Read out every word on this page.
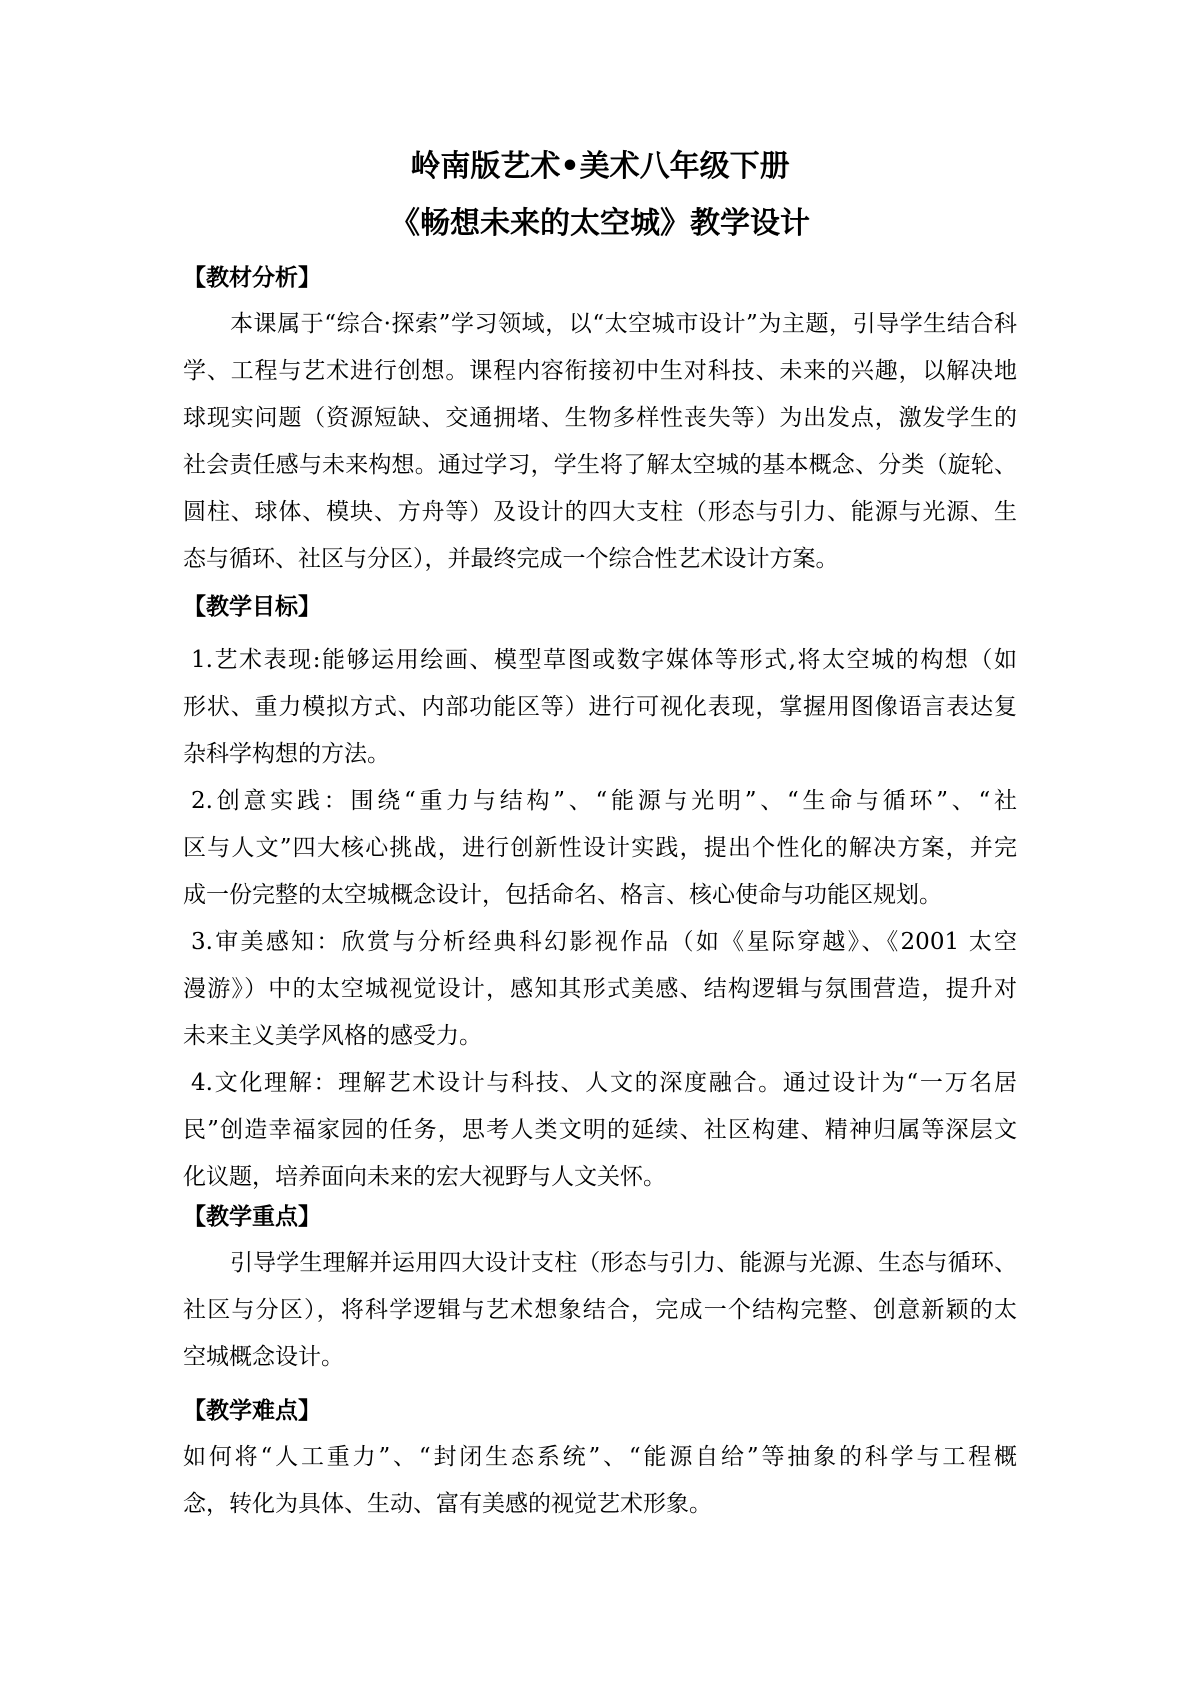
岭南版艺术•美术八年级下册
《畅想未来的太空城》教学设计
【教材分析】
本课属于“综合·探索”学习领域，以“太空城市设计”为主题，引导学生结合科
学、工程与艺术进行创想。课程内容衔接初中生对科技、未来的兴趣，以解决地
球现实问题（资源短缺、交通拥堵、生物多样性丧失等）为出发点，激发学生的
社会责任感与未来构想。通过学习，学生将了解太空城的基本概念、分类（旋轮、
圆柱、球体、模块、方舟等）及设计的四大支柱（形态与引力、能源与光源、生
态与循环、社区与分区），并最终完成一个综合性艺术设计方案。
【教学目标】
1.艺术表现:能够运用绘画、模型草图或数字媒体等形式,将太空城的构想（如
形状、重力模拟方式、内部功能区等）进行可视化表现，掌握用图像语言表达复
杂科学构想的方法。
2.创意实践：围绕“重力与结构”、“能源与光明”、“生命与循环”、“社
区与人文”四大核心挑战，进行创新性设计实践，提出个性化的解决方案，并完
成一份完整的太空城概念设计，包括命名、格言、核心使命与功能区规划。
3.审美感知：欣赏与分析经典科幻影视作品（如《星际穿越》、《2001 太空
漫游》）中的太空城视觉设计，感知其形式美感、结构逻辑与氛围营造，提升对
未来主义美学风格的感受力。
4.文化理解：理解艺术设计与科技、人文的深度融合。通过设计为“一万名居
民”创造幸福家园的任务，思考人类文明的延续、社区构建、精神归属等深层文
化议题，培养面向未来的宏大视野与人文关怀。
【教学重点】
引导学生理解并运用四大设计支柱（形态与引力、能源与光源、生态与循环、
社区与分区），将科学逻辑与艺术想象结合，完成一个结构完整、创意新颖的太
空城概念设计。
【教学难点】
如何将“人工重力”、“封闭生态系统”、“能源自给”等抽象的科学与工程概
念，转化为具体、生动、富有美感的视觉艺术形象。
